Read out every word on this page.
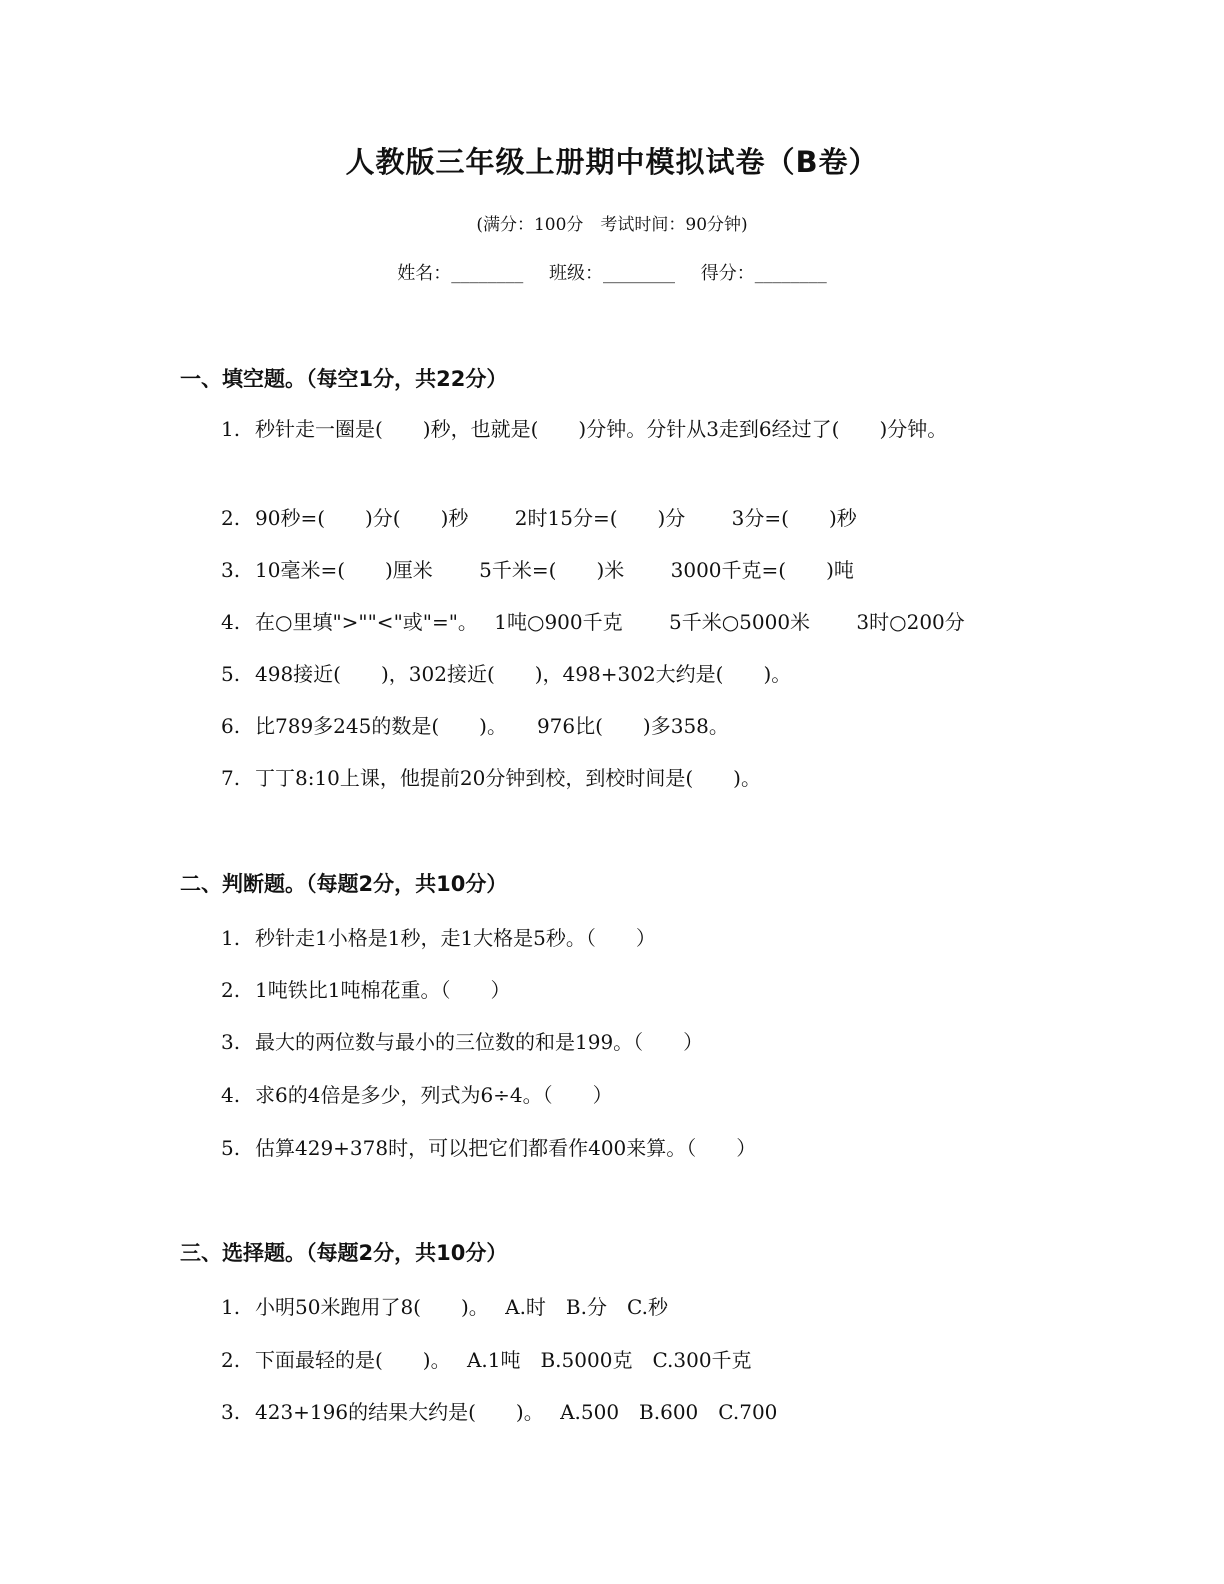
人教版三年级上册期中模拟试卷（B卷）
(满分：100分　考试时间：90分钟)
姓名：________ 班级：________ 得分：________
一、填空题。（每空1分，共22分）
1. 秒针走一圈是(　　)秒，也就是(　　)分钟。分针从3走到6经过了(　　)分钟。
2. 90秒=(　　)分(　　)秒　　 2时15分=(　　)分　　 3分=(　　)秒
3. 10毫米=(　　)厘米　　 5千米=(　　)米　　 3000千克=(　　)吨
4. 在○里填">""<"或"="。　 1吨○900千克　　 5千米○5000米　　 3时○200分
5. 498接近(　　)，302接近(　　)，498+302大约是(　　)。
6. 比789多245的数是(　　)。　　976比(　　)多358。
7. 丁丁8:10上课，他提前20分钟到校，到校时间是(　　)。
二、判断题。（每题2分，共10分）
1. 秒针走1小格是1秒，走1大格是5秒。（　　）
2. 1吨铁比1吨棉花重。（　　）
3. 最大的两位数与最小的三位数的和是199。（　　）
4. 求6的4倍是多少，列式为6÷4。（　　）
5. 估算429+378时，可以把它们都看作400来算。（　　）
三、选择题。（每题2分，共10分）
1. 小明50米跑用了8(　　)。　 A.时　B.分　C.秒
2. 下面最轻的是(　　)。　 A.1吨　B.5000克　C.300千克
3. 423+196的结果大约是(　　)。　 A.500　B.600　C.700
